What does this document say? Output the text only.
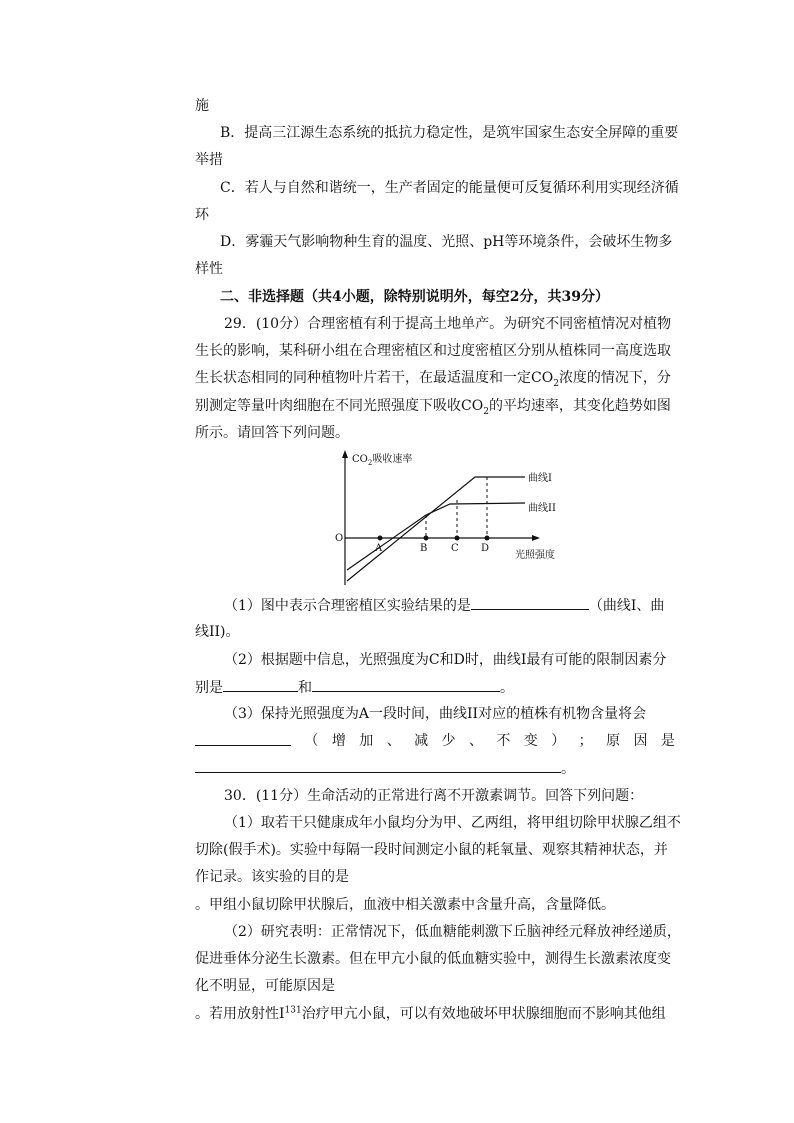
施
B．提高三江源生态系统的抵抗力稳定性，是筑牢国家生态安全屏障的重要
举措
C．若人与自然和谐统一，生产者固定的能量便可反复循环利用实现经济循
环
D．雾霾天气影响物种生育的温度、光照、pH等环境条件，会破坏生物多
样性
二、非选择题（共4小题，除特别说明外，每空2分，共39分）
29．(10分）合理密植有利于提高土地单产。为研究不同密植情况对植物
生长的影响，某科研小组在合理密植区和过度密植区分别从植株同一高度选取
生长状态相同的同种植物叶片若干，在最适温度和一定$CO_2$浓度的情况下，分
别测定等量叶肉细胞在不同光照强度下吸收$CO_2$的平均速率，其变化趋势如图
所示。请回答下列问题。
$CO_2$吸收速率
光照强度
O
曲线I
曲线II
A	B C D
（1）图中表示合理密植区实验结果的是	（曲线I、曲
线II)。
（2）根据题中信息，光照强度为C和D时，曲线I最有可能的限制因素分
别是	和	。
（3）保持光照强度为A一段时间，曲线II对应的植株有机物含量将会
（ 增 加 、 减 少 、 不 变 ） ； 原 因 是
。
30．(11分）生命活动的正常进行离不开激素调节。回答下列问题：
（1）取若干只健康成年小鼠均分为甲、乙两组，将甲组切除甲状腺乙组不
切除(假手术)。实验中每隔一段时间测定小鼠的耗氧量、观察其精神状态，并
作记录。该实验的目的是
。甲组小鼠切除甲状腺后，血液中相关激素中含量升高，含量降低。
（2）研究表明：正常情况下，低血糖能刺激下丘脑神经元释放神经递质，
促进垂体分泌生长激素。但在甲亢小鼠的低血糖实验中，测得生长激素浓度变
化不明显，可能原因是
。若用放射性$I^{131}$治疗甲亢小鼠，可以有效地破坏甲状腺细胞而不影响其他组
